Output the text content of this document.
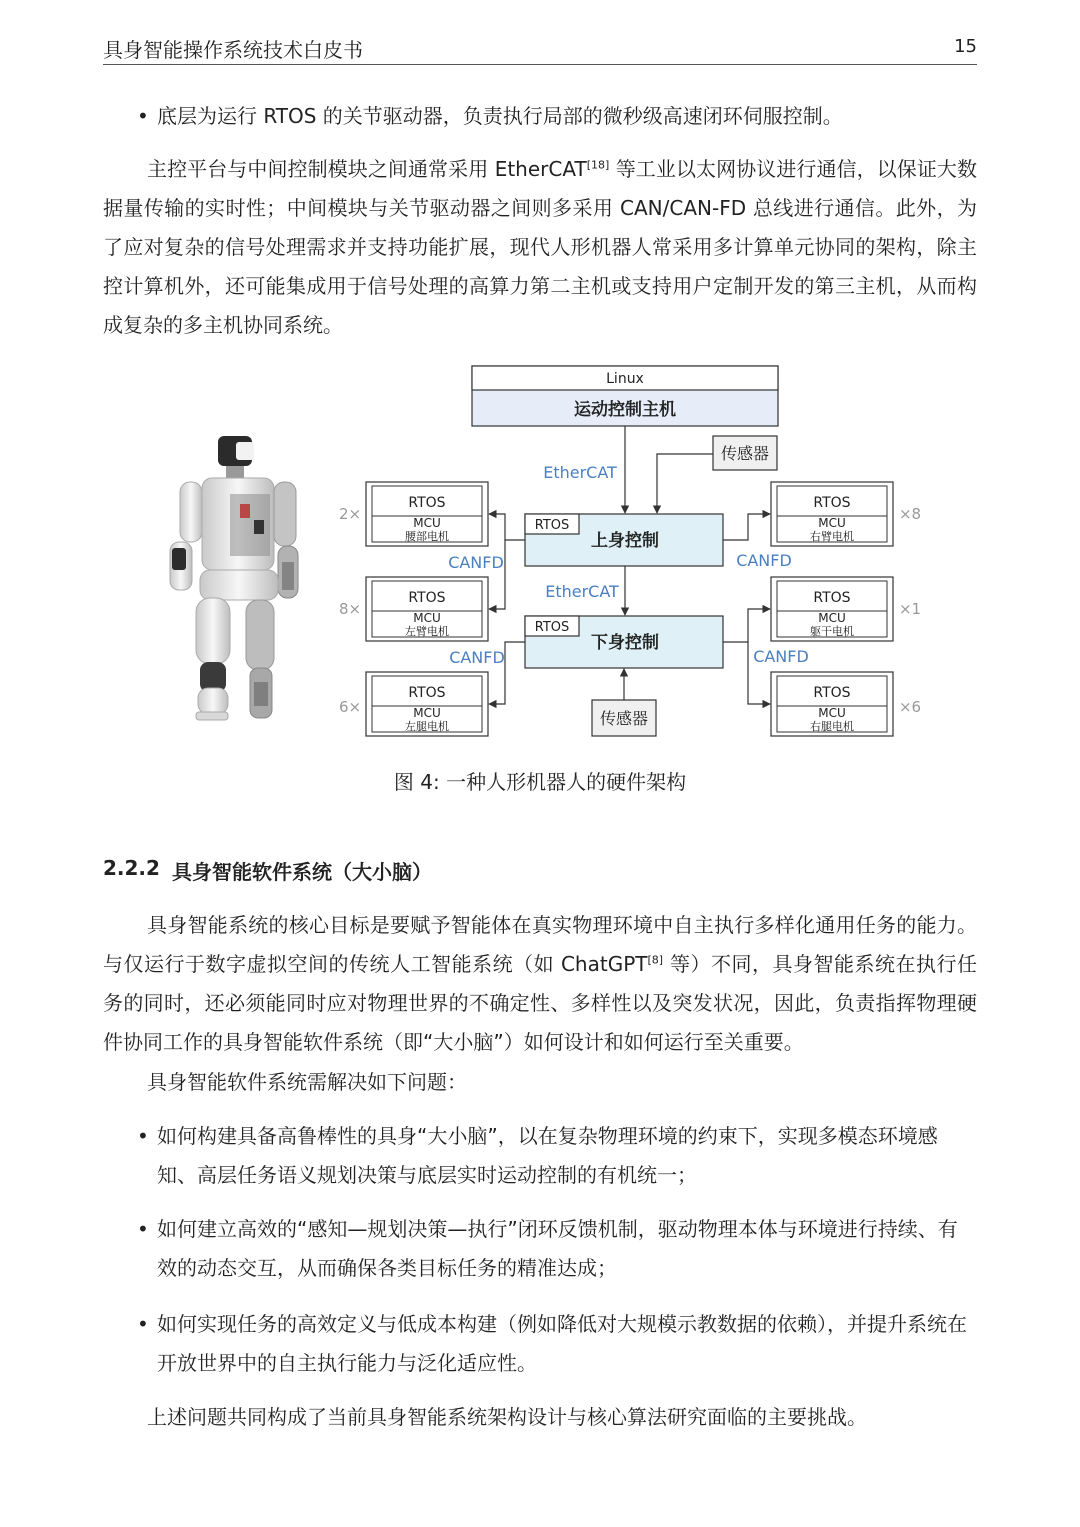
具身智能操作系统技术白皮书	15
• 底层为运行 RTOS 的关节驱动器，负责执行局部的微秒级高速闭环伺服控制。
主控平台与中间控制模块之间通常采用 EtherCAT[18] 等工业以太网协议进行通信，以保证大数据量传输的实时性；中间模块与关节驱动器之间则多采用 CAN/CAN-FD 总线进行通信。此外，为了应对复杂的信号处理需求并支持功能扩展，现代人形机器人常采用多计算单元协同的架构，除主控计算机外，还可能集成用于信号处理的高算力第二主机或支持用户定制开发的第三主机，从而构成复杂的多主机协同系统。
Linux
运动控制主机
传感器
RTOS
上身控制
RTOS
下身控制
传感器
RTOS
MCU
腰部电机
2×
RTOS
MCU
左臂电机
8×
RTOS
MCU
左腿电机
6×
RTOS
MCU
右臂电机
×8
RTOS
MCU
躯干电机
×1
RTOS
MCU
右腿电机
×6
EtherCAT
EtherCAT
CANFD	CANFD
CANFD	CANFD
图 4: 一种人形机器人的硬件架构
2.2.2 具身智能软件系统（大小脑）
具身智能系统的核心目标是要赋予智能体在真实物理环境中自主执行多样化通用任务的能力。与仅运行于数字虚拟空间的传统人工智能系统（如 ChatGPT[8] 等）不同，具身智能系统在执行任务的同时，还必须能同时应对物理世界的不确定性、多样性以及突发状况，因此，负责指挥物理硬件协同工作的具身智能软件系统（即“大小脑”）如何设计和如何运行至关重要。
具身智能软件系统需解决如下问题：
• 如何构建具备高鲁棒性的具身“大小脑”，以在复杂物理环境的约束下，实现多模态环境感知、高层任务语义规划决策与底层实时运动控制的有机统一；
• 如何建立高效的“感知—规划决策—执行”闭环反馈机制，驱动物理本体与环境进行持续、有效的动态交互，从而确保各类目标任务的精准达成；
• 如何实现任务的高效定义与低成本构建（例如降低对大规模示教数据的依赖），并提升系统在开放世界中的自主执行能力与泛化适应性。
上述问题共同构成了当前具身智能系统架构设计与核心算法研究面临的主要挑战。
